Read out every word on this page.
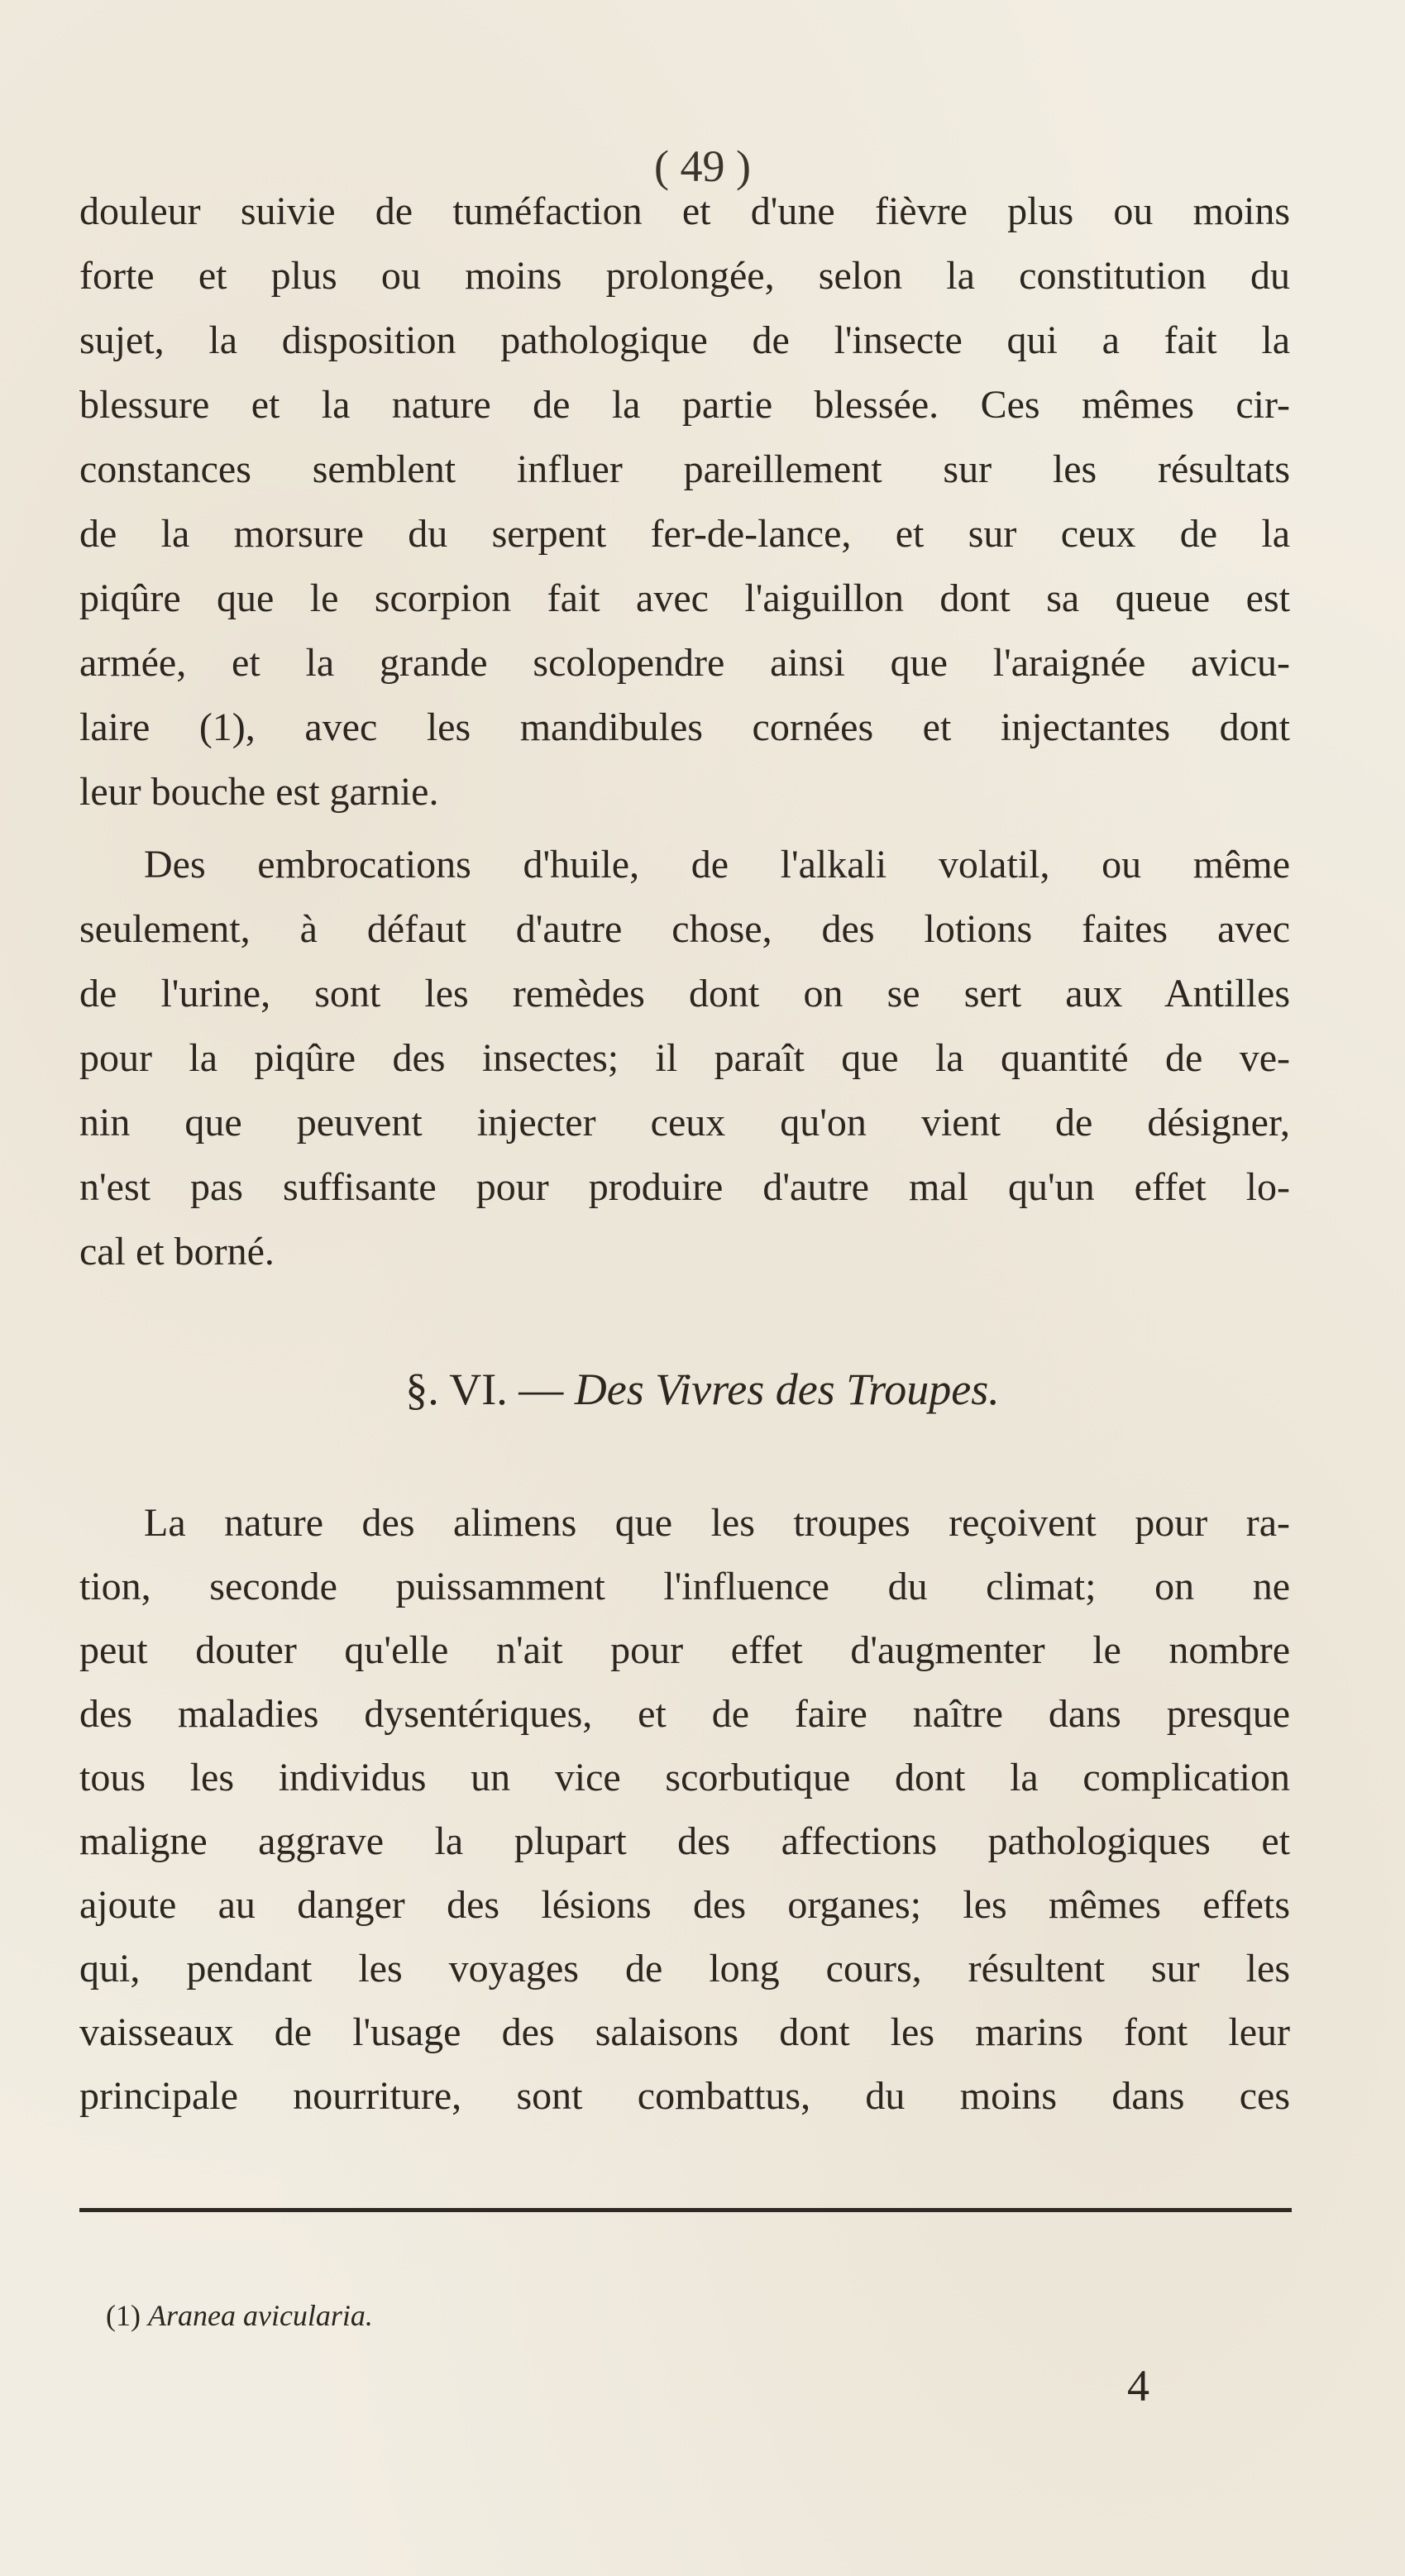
( 49 )
douleur suivie de tuméfaction et d'une fièvre plus ou moins
forte et plus ou moins prolongée, selon la constitution du
sujet, la disposition pathologique de l'insecte qui a fait la
blessure et la nature de la partie blessée. Ces mêmes cir-
constances semblent influer pareillement sur les résultats
de la morsure du serpent fer-de-lance, et sur ceux de la
piqûre que le scorpion fait avec l'aiguillon dont sa queue est
armée, et la grande scolopendre ainsi que l'araignée avicu-
laire (1), avec les mandibules cornées et injectantes dont
leur bouche est garnie.
Des embrocations d'huile, de l'alkali volatil, ou même
seulement, à défaut d'autre chose, des lotions faites avec
de l'urine, sont les remèdes dont on se sert aux Antilles
pour la piqûre des insectes; il paraît que la quantité de ve-
nin que peuvent injecter ceux qu'on vient de désigner,
n'est pas suffisante pour produire d'autre mal qu'un effet lo-
cal et borné.
§. VI. — Des Vivres des Troupes.
La nature des alimens que les troupes reçoivent pour ra-
tion, seconde puissamment l'influence du climat; on ne
peut douter qu'elle n'ait pour effet d'augmenter le nombre
des maladies dysentériques, et de faire naître dans presque
tous les individus un vice scorbutique dont la complication
maligne aggrave la plupart des affections pathologiques et
ajoute au danger des lésions des organes; les mêmes effets
qui, pendant les voyages de long cours, résultent sur les
vaisseaux de l'usage des salaisons dont les marins font leur
principale nourriture, sont combattus, du moins dans ces
(1) Aranea avicularia.
4
